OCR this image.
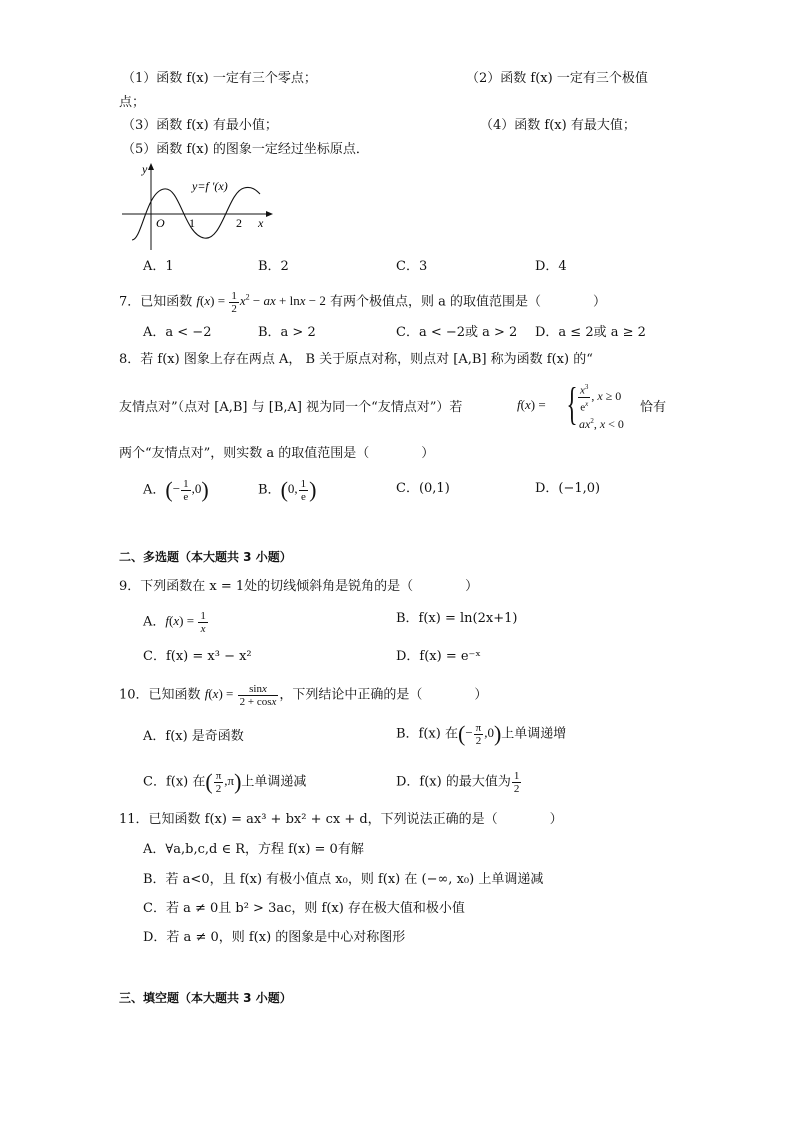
（1）函数 f(x) 一定有三个零点；	（2）函数 f(x) 一定有三个极值
点；
（3）函数 f(x) 有最小值；	（4）函数 f(x) 有最大值；
（5）函数 f(x) 的图象一定经过坐标原点．
y
x
O 1	2
y=f ′(x)
A．1	B．2	C．3	D．4
7．已知函数 $f(x) = \frac{1}{2} x^2$ − ax + lnx − 2 有两个极值点，则 a 的取值范围是（　　　　）
A．a < −2	B．a > 2	C．a < −2或 a > 2 D．a ≤ 2或 a ≥ 2
8．若 f(x) 图象上存在两点 A， B 关于原点对称，则点对 [A,B] 称为函数 f(x) 的“
友情点对”（点对 [A,B] 与 [B,A] 视为同一个“友情点对”）若	f(x) = { $\frac{x^3}{e^x}$ , x ≥ 0
$ax^2$, x < 0
恰有
两个“友情点对”，则实数 a 的取值范围是（　　　　）
A．(− $\frac{1}{e} ,0$)	B．(0, $\frac{1}{e}$ )	C．(0,1)	D．(−1,0)
二、多选题（本大题共 3 小题）
9．下列函数在 x = 1处的切线倾斜角是锐角的是（　　　　）
A．$f(x) = \frac{1}{x}$	B．f(x) = ln(2x+1)
C．f(x) = x³ − x²	D．f(x) = e⁻ˣ
10．已知函数 $f(x) = \frac{\sin x}{2 + \cos x}$ ，下列结论中正确的是（　　　　）
A．f(x) 是奇函数	B．f(x) 在(− $\frac{\pi}{2} ,0$)上单调递增
C．f(x) 在( $\frac{\pi}{2} ,\pi$)上单调递减	D．f(x) 的最大值为 $\frac{1}{2}$
11．已知函数 f(x) = ax³ + bx² + cx + d，下列说法正确的是（　　　　）
A．∀a,b,c,d ∈ R，方程 f(x) = 0有解
B．若 a<0，且 f(x) 有极小值点 x₀，则 f(x) 在 (−∞, x₀) 上单调递减
C．若 a ≠ 0且 b² > 3ac，则 f(x) 存在极大值和极小值
D．若 a ≠ 0，则 f(x) 的图象是中心对称图形
三、填空题（本大题共 3 小题）
